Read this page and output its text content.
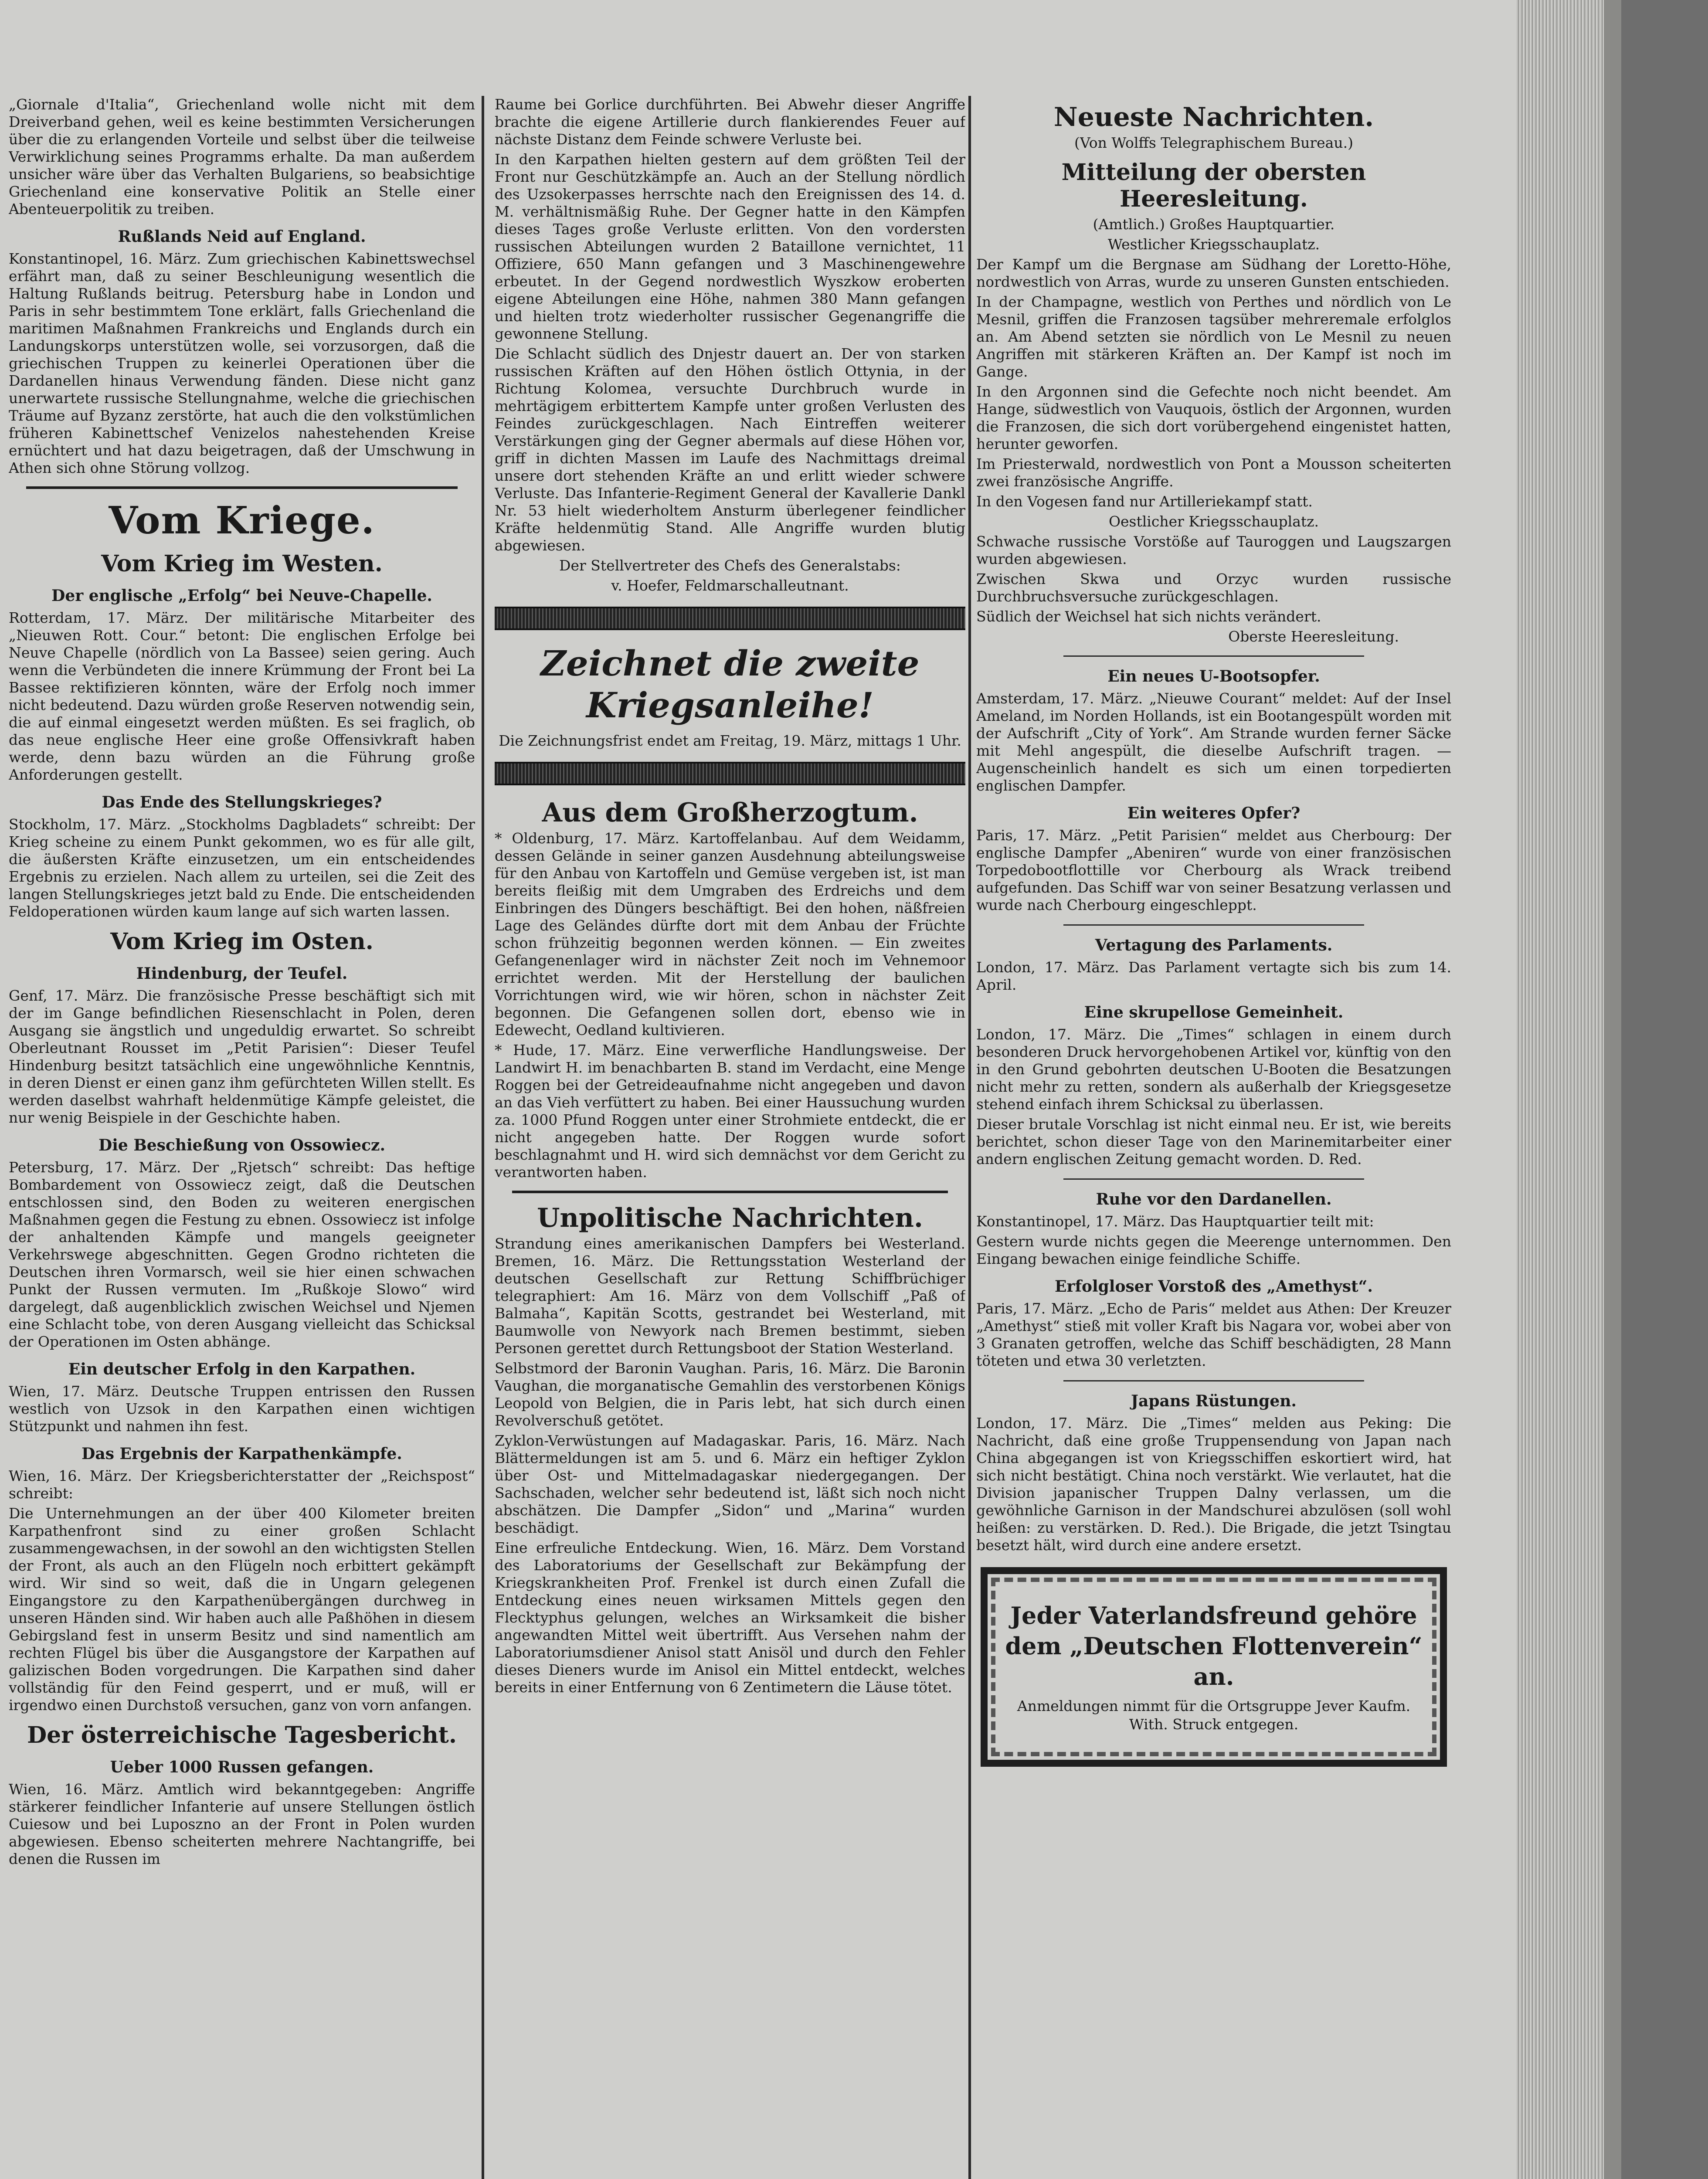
„Giornale d'Italia“, Griechenland wolle nicht mit dem Dreiverband gehen, weil es keine bestimmten Versicherungen über die zu erlangenden Vorteile und selbst über die teilweise Verwirklichung seines Programms erhalte. Da man außerdem unsicher wäre über das Verhalten Bulgariens, so beabsichtige Griechenland eine konservative Politik an Stelle einer Abenteuerpolitik zu treiben.

Rußlands Neid auf England.

Konstantinopel, 16. März. Zum griechischen Kabinettswechsel erfährt man, daß zu seiner Beschleunigung wesentlich die Haltung Rußlands beitrug. Petersburg habe in London und Paris in sehr bestimmtem Tone erklärt, falls Griechenland die maritimen Maßnahmen Frankreichs und Englands durch ein Landungskorps unterstützen wolle, sei vorzusorgen, daß die griechischen Truppen zu keinerlei Operationen über die Dardanellen hinaus Verwendung fänden. Diese nicht ganz unerwartete russische Stellungnahme, welche die griechischen Träume auf Byzanz zerstörte, hat auch die den volkstümlichen früheren Kabinettschef Venizelos nahestehenden Kreise ernüchtert und hat dazu beigetragen, daß der Umschwung in Athen sich ohne Störung vollzog.

Vom Kriege.
Vom Krieg im Westen.
Der englische „Erfolg“ bei Neuve-Chapelle.

Rotterdam, 17. März. Der militärische Mitarbeiter des „Nieuwen Rott. Cour.“ betont: Die englischen Erfolge bei Neuve Chapelle (nördlich von La Bassee) seien gering. Auch wenn die Verbündeten die innere Krümmung der Front bei La Bassee rektifizieren könnten, wäre der Erfolg noch immer nicht bedeutend. Dazu würden große Reserven notwendig sein, die auf einmal eingesetzt werden müßten. Es sei fraglich, ob das neue englische Heer eine große Offensivkraft haben werde, denn bazu würden an die Führung große Anforderungen gestellt.

Das Ende des Stellungskrieges?

Stockholm, 17. März. „Stockholms Dagbladets“ schreibt: Der Krieg scheine zu einem Punkt gekommen, wo es für alle gilt, die äußersten Kräfte einzusetzen, um ein entscheidendes Ergebnis zu erzielen. Nach allem zu urteilen, sei die Zeit des langen Stellungskrieges jetzt bald zu Ende. Die entscheidenden Feldoperationen würden kaum lange auf sich warten lassen.

Vom Krieg im Osten.
Hindenburg, der Teufel.

Genf, 17. März. Die französische Presse beschäftigt sich mit der im Gange befindlichen Riesenschlacht in Polen, deren Ausgang sie ängstlich und ungeduldig erwartet. So schreibt Oberleutnant Rousset im „Petit Parisien“: Dieser Teufel Hindenburg besitzt tatsächlich eine ungewöhnliche Kenntnis, in deren Dienst er einen ganz ihm gefürchteten Willen stellt. Es werden daselbst wahrhaft heldenmütige Kämpfe geleistet, die nur wenig Beispiele in der Geschichte haben.

Die Beschießung von Ossowiecz.

Petersburg, 17. März. Der „Rjetsch“ schreibt: Das heftige Bombardement von Ossowiecz zeigt, daß die Deutschen entschlossen sind, den Boden zu weiteren energischen Maßnahmen gegen die Festung zu ebnen. Ossowiecz ist infolge der anhaltenden Kämpfe und mangels geeigneter Verkehrswege abgeschnitten. Gegen Grodno richteten die Deutschen ihren Vormarsch, weil sie hier einen schwachen Punkt der Russen vermuten. Im „Rußkoje Slowo“ wird dargelegt, daß augenblicklich zwischen Weichsel und Njemen eine Schlacht tobe, von deren Ausgang vielleicht das Schicksal der Operationen im Osten abhänge.

Ein deutscher Erfolg in den Karpathen.

Wien, 17. März. Deutsche Truppen entrissen den Russen westlich von Uzsok in den Karpathen einen wichtigen Stützpunkt und nahmen ihn fest.

Das Ergebnis der Karpathenkämpfe.

Wien, 16. März. Der Kriegsberichterstatter der „Reichspost“ schreibt:

Die Unternehmungen an der über 400 Kilometer breiten Karpathenfront sind zu einer großen Schlacht zusammengewachsen, in der sowohl an den wichtigsten Stellen der Front, als auch an den Flügeln noch erbittert gekämpft wird. Wir sind so weit, daß die in Ungarn gelegenen Eingangstore zu den Karpathenübergängen durchweg in unseren Händen sind. Wir haben auch alle Paßhöhen in diesem Gebirgsland fest in unserm Besitz und sind namentlich am rechten Flügel bis über die Ausgangstore der Karpathen auf galizischen Boden vorgedrungen. Die Karpathen sind daher vollständig für den Feind gesperrt, und er muß, will er irgendwo einen Durchstoß versuchen, ganz von vorn anfangen.

Der österreichische Tagesbericht.
Ueber 1000 Russen gefangen.

Wien, 16. März. Amtlich wird bekanntgegeben: Angriffe stärkerer feindlicher Infanterie auf unsere Stellungen östlich Cuiesow und bei Luposzno an der Front in Polen wurden abgewiesen. Ebenso scheiterten mehrere Nachtangriffe, bei denen die Russen im

Raume bei Gorlice durchführten. Bei Abwehr dieser Angriffe brachte die eigene Artillerie durch flankierendes Feuer auf nächste Distanz dem Feinde schwere Verluste bei.

In den Karpathen hielten gestern auf dem größten Teil der Front nur Geschützkämpfe an. Auch an der Stellung nördlich des Uzsokerpasses herrschte nach den Ereignissen des 14. d. M. verhältnismäßig Ruhe. Der Gegner hatte in den Kämpfen dieses Tages große Verluste erlitten. Von den vordersten russischen Abteilungen wurden 2 Bataillone vernichtet, 11 Offiziere, 650 Mann gefangen und 3 Maschinengewehre erbeutet. In der Gegend nordwestlich Wyszkow eroberten eigene Abteilungen eine Höhe, nahmen 380 Mann gefangen und hielten trotz wiederholter russischer Gegenangriffe die gewonnene Stellung.

Die Schlacht südlich des Dnjestr dauert an. Der von starken russischen Kräften auf den Höhen östlich Ottynia, in der Richtung Kolomea, versuchte Durchbruch wurde in mehrtägigem erbittertem Kampfe unter großen Verlusten des Feindes zurückgeschlagen. Nach Eintreffen weiterer Verstärkungen ging der Gegner abermals auf diese Höhen vor, griff in dichten Massen im Laufe des Nachmittags dreimal unsere dort stehenden Kräfte an und erlitt wieder schwere Verluste. Das Infanterie-Regiment General der Kavallerie Dankl Nr. 53 hielt wiederholtem Ansturm überlegener feindlicher Kräfte heldenmütig Stand. Alle Angriffe wurden blutig abgewiesen.

Der Stellvertreter des Chefs des Generalstabs:
v. Hoefer, Feldmarschalleutnant.
Zeichnet die zweite Kriegsanleihe!
Die Zeichnungsfrist endet am Freitag, 19. März, mittags 1 Uhr.
Aus dem Großherzogtum.

* Oldenburg, 17. März. Kartoffelanbau. Auf dem Weidamm, dessen Gelände in seiner ganzen Ausdehnung abteilungsweise für den Anbau von Kartoffeln und Gemüse vergeben ist, ist man bereits fleißig mit dem Umgraben des Erdreichs und dem Einbringen des Düngers beschäftigt. Bei den hohen, näßfreien Lage des Geländes dürfte dort mit dem Anbau der Früchte schon frühzeitig begonnen werden können. — Ein zweites Gefangenenlager wird in nächster Zeit noch im Vehnemoor errichtet werden. Mit der Herstellung der baulichen Vorrichtungen wird, wie wir hören, schon in nächster Zeit begonnen. Die Gefangenen sollen dort, ebenso wie in Edewecht, Oedland kultivieren.

* Hude, 17. März. Eine verwerfliche Handlungsweise. Der Landwirt H. im benachbarten B. stand im Verdacht, eine Menge Roggen bei der Getreideaufnahme nicht angegeben und davon an das Vieh verfüttert zu haben. Bei einer Haussuchung wurden za. 1000 Pfund Roggen unter einer Strohmiete entdeckt, die er nicht angegeben hatte. Der Roggen wurde sofort beschlagnahmt und H. wird sich demnächst vor dem Gericht zu verantworten haben.

Unpolitische Nachrichten.

Strandung eines amerikanischen Dampfers bei Westerland. Bremen, 16. März. Die Rettungsstation Westerland der deutschen Gesellschaft zur Rettung Schiffbrüchiger telegraphiert: Am 16. März von dem Vollschiff „Paß of Balmaha“, Kapitän Scotts, gestrandet bei Westerland, mit Baumwolle von Newyork nach Bremen bestimmt, sieben Personen gerettet durch Rettungsboot der Station Westerland.

Selbstmord der Baronin Vaughan. Paris, 16. März. Die Baronin Vaughan, die morganatische Gemahlin des verstorbenen Königs Leopold von Belgien, die in Paris lebt, hat sich durch einen Revolverschuß getötet.

Zyklon-Verwüstungen auf Madagaskar. Paris, 16. März. Nach Blättermeldungen ist am 5. und 6. März ein heftiger Zyklon über Ost- und Mittelmadagaskar niedergegangen. Der Sachschaden, welcher sehr bedeutend ist, läßt sich noch nicht abschätzen. Die Dampfer „Sidon“ und „Marina“ wurden beschädigt.

Eine erfreuliche Entdeckung. Wien, 16. März. Dem Vorstand des Laboratoriums der Gesellschaft zur Bekämpfung der Kriegskrankheiten Prof. Frenkel ist durch einen Zufall die Entdeckung eines neuen wirksamen Mittels gegen den Flecktyphus gelungen, welches an Wirksamkeit die bisher angewandten Mittel weit übertrifft. Aus Versehen nahm der Laboratoriumsdiener Anisol statt Anisöl und durch den Fehler dieses Dieners wurde im Anisol ein Mittel entdeckt, welches bereits in einer Entfernung von 6 Zentimetern die Läuse tötet.

Neueste Nachrichten.
(Von Wolffs Telegraphischem Bureau.)
Mitteilung der obersten Heeresleitung.
(Amtlich.) Großes Hauptquartier.
Westlicher Kriegsschauplatz.

Der Kampf um die Bergnase am Südhang der Loretto-Höhe, nordwestlich von Arras, wurde zu unseren Gunsten entschieden.

In der Champagne, westlich von Perthes und nördlich von Le Mesnil, griffen die Franzosen tagsüber mehreremale erfolglos an. Am Abend setzten sie nördlich von Le Mesnil zu neuen Angriffen mit stärkeren Kräften an. Der Kampf ist noch im Gange.

In den Argonnen sind die Gefechte noch nicht beendet. Am Hange, südwestlich von Vauquois, östlich der Argonnen, wurden die Franzosen, die sich dort vorübergehend eingenistet hatten, herunter geworfen.

Im Priesterwald, nordwestlich von Pont a Mousson scheiterten zwei französische Angriffe.

In den Vogesen fand nur Artilleriekampf statt.

Oestlicher Kriegsschauplatz.

Schwache russische Vorstöße auf Tauroggen und Laugszargen wurden abgewiesen.

Zwischen Skwa und Orzyc wurden russische Durchbruchsversuche zurückgeschlagen.

Südlich der Weichsel hat sich nichts verändert.

Oberste Heeresleitung.
Ein neues U-Bootsopfer.

Amsterdam, 17. März. „Nieuwe Courant“ meldet: Auf der Insel Ameland, im Norden Hollands, ist ein Bootangespült worden mit der Aufschrift „City of York“. Am Strande wurden ferner Säcke mit Mehl angespült, die dieselbe Aufschrift tragen. — Augenscheinlich handelt es sich um einen torpedierten englischen Dampfer.

Ein weiteres Opfer?

Paris, 17. März. „Petit Parisien“ meldet aus Cherbourg: Der englische Dampfer „Abeniren“ wurde von einer französischen Torpedobootflottille vor Cherbourg als Wrack treibend aufgefunden. Das Schiff war von seiner Besatzung verlassen und wurde nach Cherbourg eingeschleppt.

Vertagung des Parlaments.

London, 17. März. Das Parlament vertagte sich bis zum 14. April.

Eine skrupellose Gemeinheit.

London, 17. März. Die „Times“ schlagen in einem durch besonderen Druck hervorgehobenen Artikel vor, künftig von den in den Grund gebohrten deutschen U-Booten die Besatzungen nicht mehr zu retten, sondern als außerhalb der Kriegsgesetze stehend einfach ihrem Schicksal zu überlassen.

Dieser brutale Vorschlag ist nicht einmal neu. Er ist, wie bereits berichtet, schon dieser Tage von den Marinemitarbeiter einer andern englischen Zeitung gemacht worden. D. Red.

Ruhe vor den Dardanellen.

Konstantinopel, 17. März. Das Hauptquartier teilt mit:

Gestern wurde nichts gegen die Meerenge unternommen. Den Eingang bewachen einige feindliche Schiffe.

Erfolgloser Vorstoß des „Amethyst“.

Paris, 17. März. „Echo de Paris“ meldet aus Athen: Der Kreuzer „Amethyst“ stieß mit voller Kraft bis Nagara vor, wobei aber von 3 Granaten getroffen, welche das Schiff beschädigten, 28 Mann töteten und etwa 30 verletzten.

Japans Rüstungen.

London, 17. März. Die „Times“ melden aus Peking: Die Nachricht, daß eine große Truppensendung von Japan nach China abgegangen ist von Kriegsschiffen eskortiert wird, hat sich nicht bestätigt. China noch verstärkt. Wie verlautet, hat die Division japanischer Truppen Dalny verlassen, um die gewöhnliche Garnison in der Mandschurei abzulösen (soll wohl heißen: zu verstärken. D. Red.). Die Brigade, die jetzt Tsingtau besetzt hält, wird durch eine andere ersetzt.

Jeder Vaterlandsfreund gehöre dem „Deutschen Flottenverein“ an.
Anmeldungen nimmt für die Ortsgruppe Jever Kaufm. With. Struck entgegen.
